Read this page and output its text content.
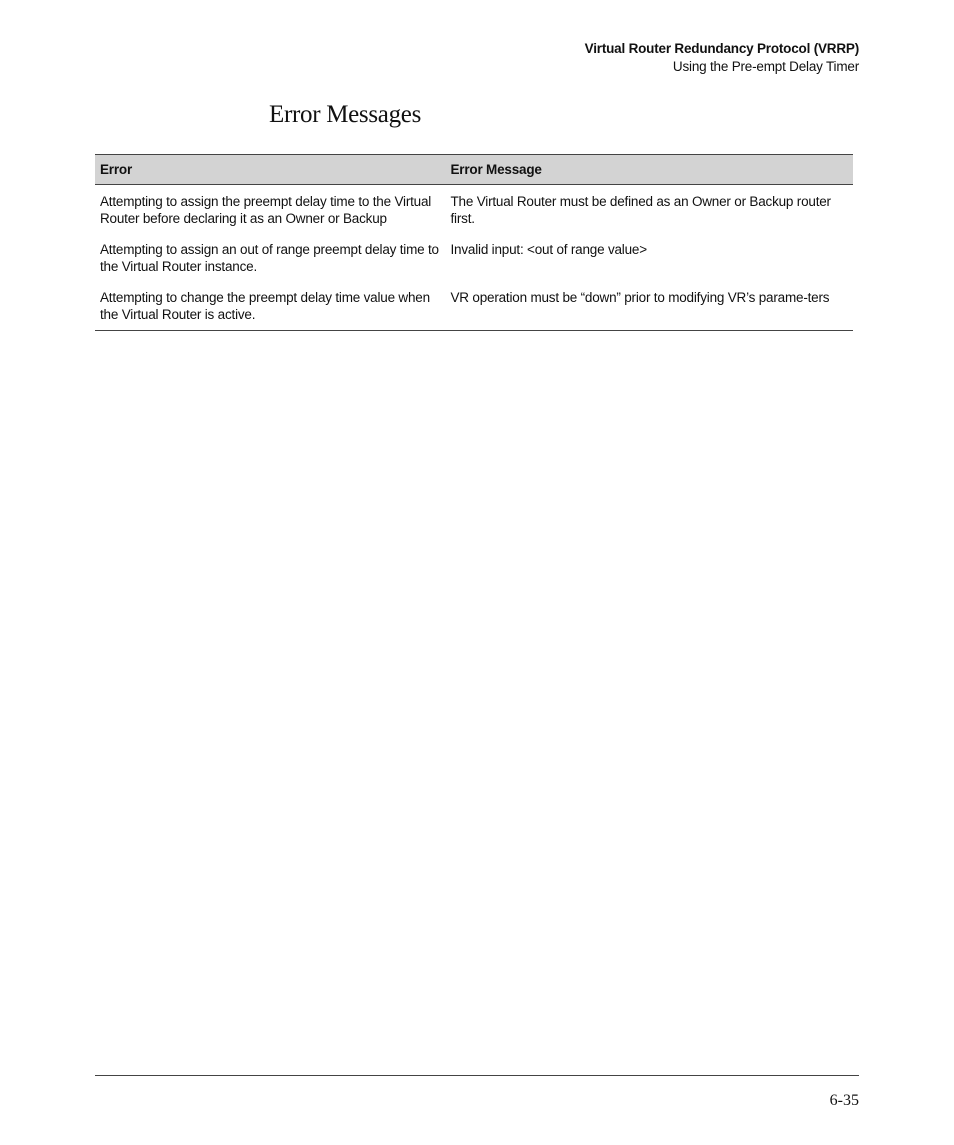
Virtual Router Redundancy Protocol (VRRP)
Using the Pre-empt Delay Timer
Error Messages
Error	Error Message
Attempting to assign the preempt delay time to the Virtual Router before declaring it as an Owner or Backup	The Virtual Router must be defined as an Owner or Backup router first.
Attempting to assign an out of range preempt delay time to the Virtual Router instance.	Invalid input: <out of range value>
Attempting to change the preempt delay time value when the Virtual Router is active.	VR operation must be “down” prior to modifying VR’s parame-ters
6-35
